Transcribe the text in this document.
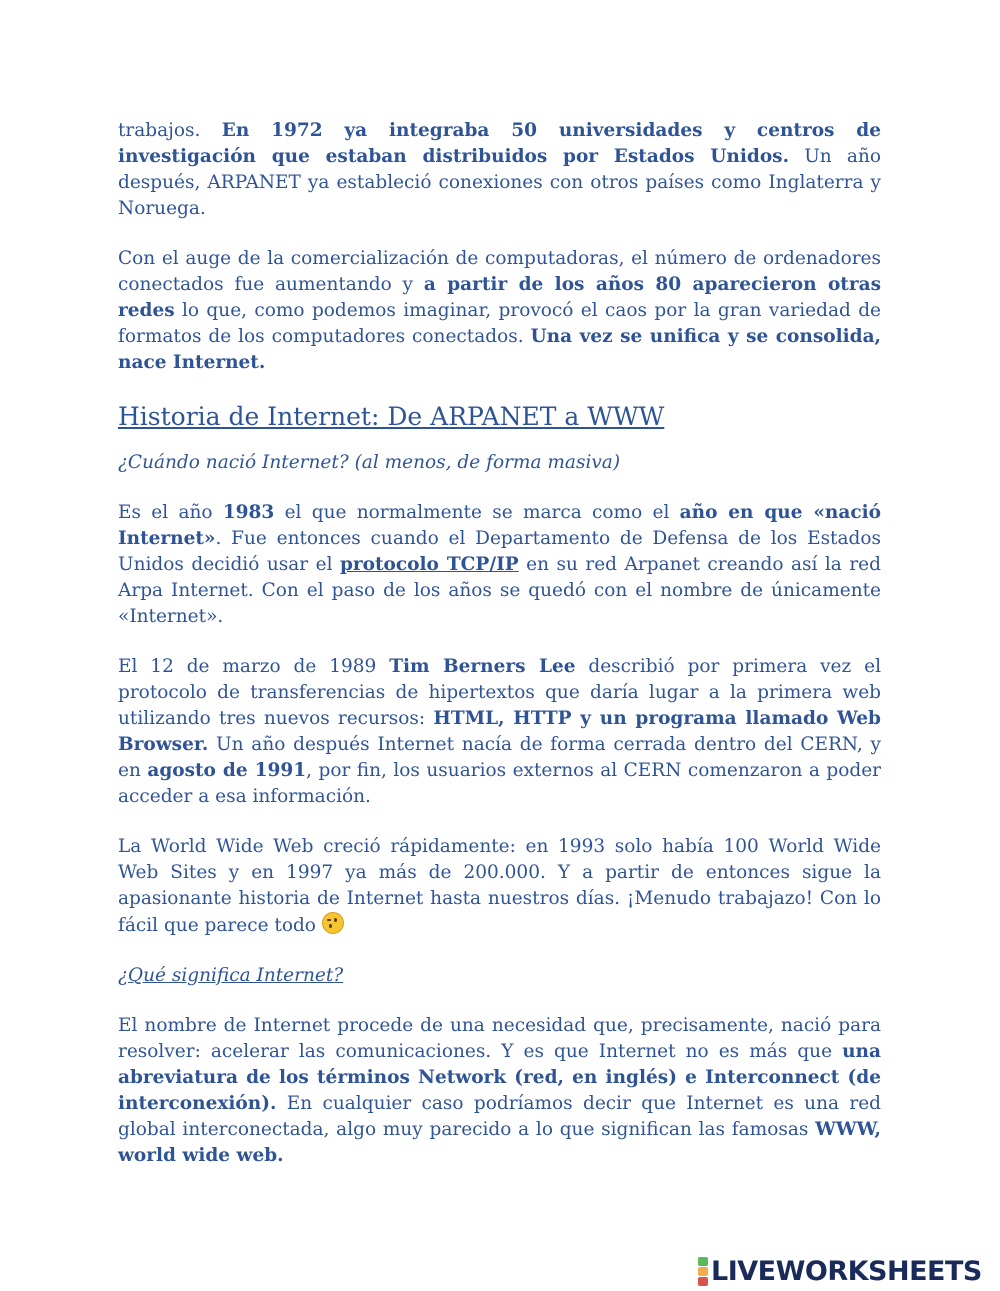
trabajos. En 1972 ya integraba 50 universidades y centros de investigación que estaban distribuidos por Estados Unidos. Un año después, ARPANET ya estableció conexiones con otros países como Inglaterra y Noruega.

Con el auge de la comercialización de computadoras, el número de ordenadores conectados fue aumentando y a partir de los años 80 aparecieron otras redes lo que, como podemos imaginar, provocó el caos por la gran variedad de formatos de los computadores conectados. Una vez se unifica y se consolida, nace Internet.

Historia de Internet: De ARPANET a WWW
¿Cuándo nació Internet? (al menos, de forma masiva)

Es el año 1983 el que normalmente se marca como el año en que «nació Internet». Fue entonces cuando el Departamento de Defensa de los Estados Unidos decidió usar el protocolo TCP/IP en su red Arpanet creando así la red Arpa Internet. Con el paso de los años se quedó con el nombre de únicamente «Internet».

El 12 de marzo de 1989 Tim Berners Lee describió por primera vez el protocolo de transferencias de hipertextos que daría lugar a la primera web utilizando tres nuevos recursos: HTML, HTTP y un programa llamado Web Browser. Un año después Internet nacía de forma cerrada dentro del CERN, y en agosto de 1991, por fin, los usuarios externos al CERN comenzaron a poder acceder a esa información.

La World Wide Web creció rápidamente: en 1993 solo había 100 World Wide Web Sites y en 1997 ya más de 200.000. Y a partir de entonces sigue la apasionante historia de Internet hasta nuestros días. ¡Menudo trabajazo! Con lo fácil que parece todo

¿Qué significa Internet?

El nombre de Internet procede de una necesidad que, precisamente, nació para resolver: acelerar las comunicaciones. Y es que Internet no es más que una abreviatura de los términos Network (red, en inglés) e Interconnect (de interconexión). En cualquier caso podríamos decir que Internet es una red global interconectada, algo muy parecido a lo que significan las famosas WWW, world wide web.

LIVEWORKSHEETS
